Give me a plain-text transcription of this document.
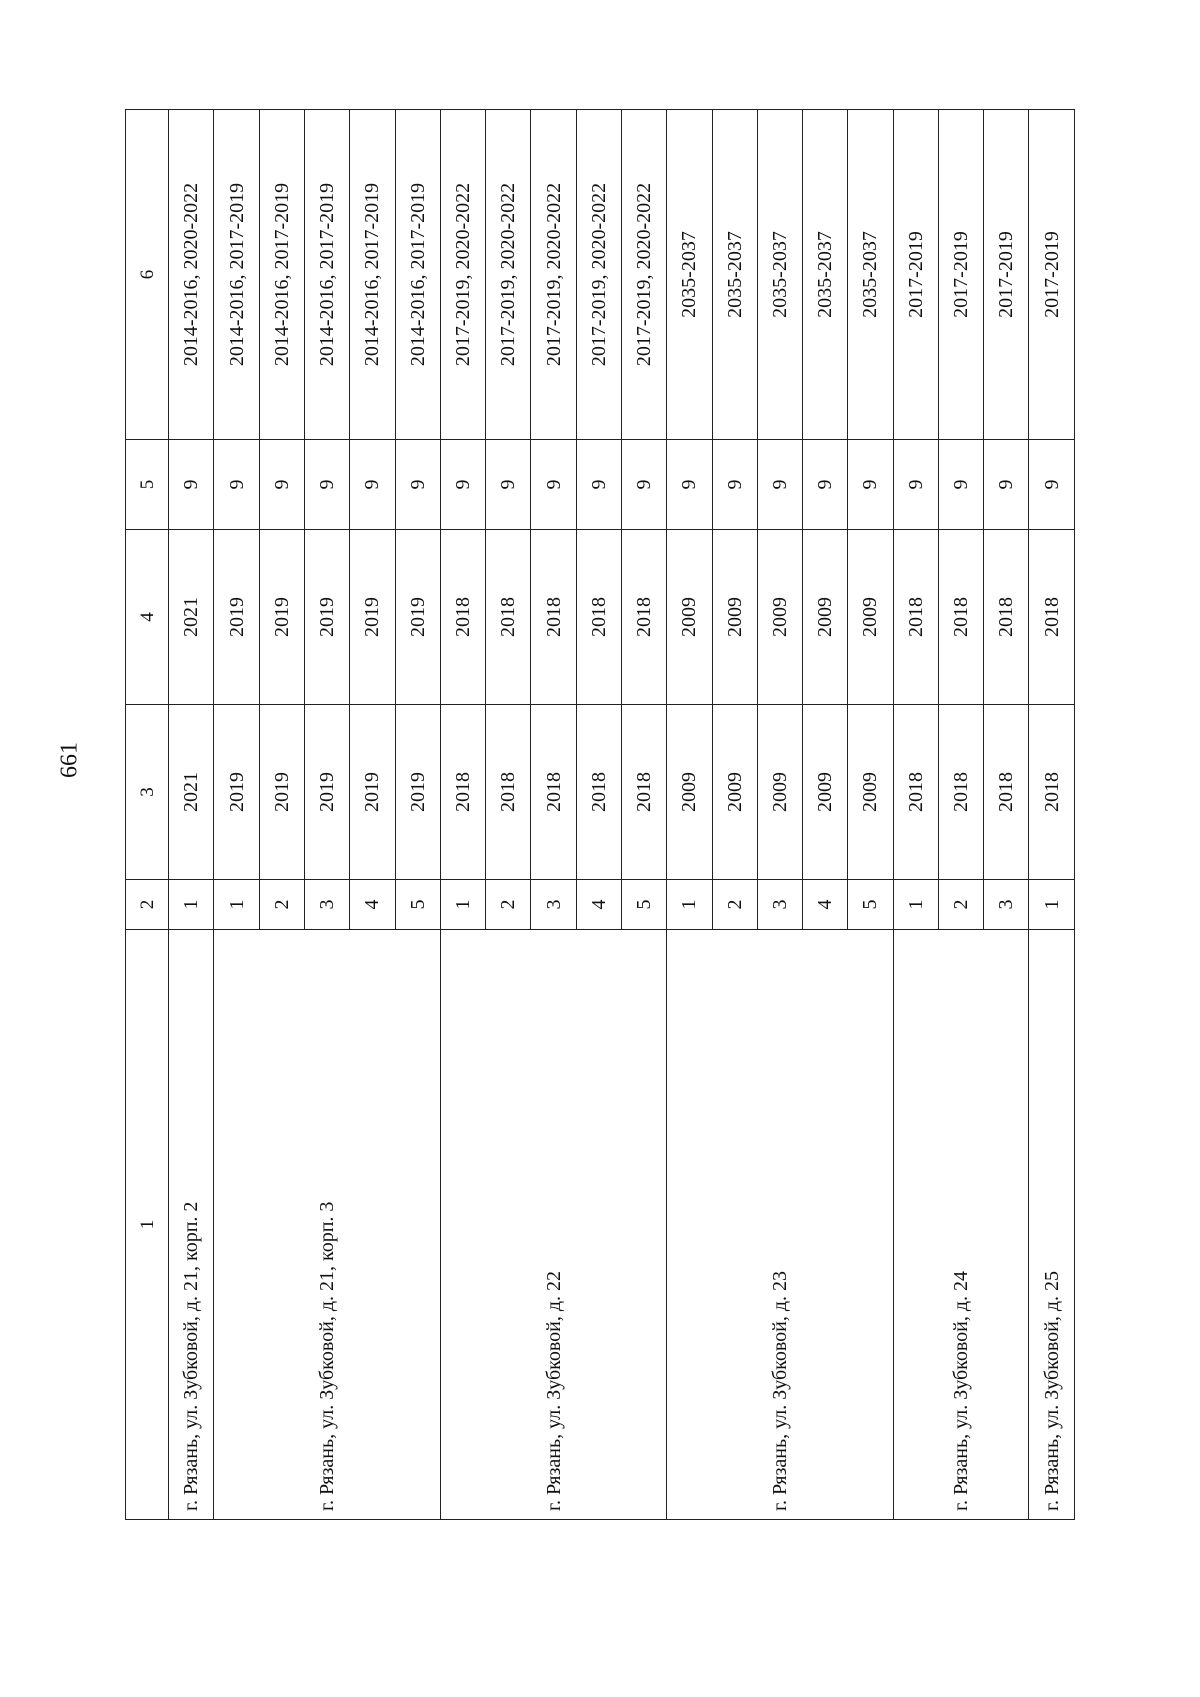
661
1	2	3	4	5	6
г. Рязань, ул. Зубковой, д. 21, корп. 2	1	2021	2021	9	2014-2016, 2020-2022
г. Рязань, ул. Зубковой, д. 21, корп. 3	1	2019	2019	9	2014-2016, 2017-2019
	2	2019	2019	9	2014-2016, 2017-2019
	3	2019	2019	9	2014-2016, 2017-2019
	4	2019	2019	9	2014-2016, 2017-2019
	5	2019	2019	9	2014-2016, 2017-2019
г. Рязань, ул. Зубковой, д. 22	1	2018	2018	9	2017-2019, 2020-2022
	2	2018	2018	9	2017-2019, 2020-2022
	3	2018	2018	9	2017-2019, 2020-2022
	4	2018	2018	9	2017-2019, 2020-2022
	5	2018	2018	9	2017-2019, 2020-2022
г. Рязань, ул. Зубковой, д. 23	1	2009	2009	9	2035-2037
	2	2009	2009	9	2035-2037
	3	2009	2009	9	2035-2037
	4	2009	2009	9	2035-2037
	5	2009	2009	9	2035-2037
г. Рязань, ул. Зубковой, д. 24	1	2018	2018	9	2017-2019
	2	2018	2018	9	2017-2019
	3	2018	2018	9	2017-2019
г. Рязань, ул. Зубковой, д. 25	1	2018	2018	9	2017-2019
